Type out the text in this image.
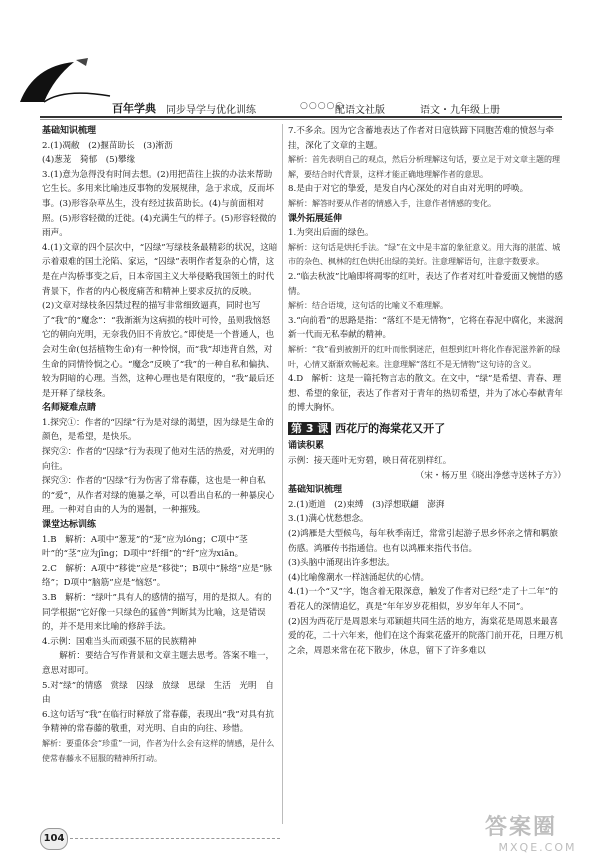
百年学典 同步导学与优化训练	○○○○○
配语文社版	语文・九年级上册

基础知识梳理

2.(1)凋敝　(2)揠苗助长　(3)淅沥

(4)葱茏　猗郁　(5)攀缘

3.(1)意为急得没有时间去想。(2)用把苗往上拔的办法来帮助它生长。多用来比喻违反事物的发展规律，急于求成，反而坏事。(3)形容杂草丛生，没有经过拔苗助长。(4)与前面相对照。(5)形容轻微的迁徙。(4)充满生气的样子。(5)形容轻微的雨声。

4.(1)文章的四个层次中，“囚绿”写绿枝条最精彩的状况，这暗示着艰难的国土沦陷、家运，“囚绿”表明作者复杂的心情，这是在卢沟桥事变之后，日本帝国主义大举侵略我国领土的时代背景下，作者的内心极度痛苦和精神上要求反抗的反映。

(2)文章对绿枝条囚禁过程的描写非常细致逼真，同时也写了“我”的“魔念”：“我渐渐为这病损的枝叶可怜，虽则我恼怒它的朝向光明，无奈我仍旧不肯放它。”即使是一个普通人，也会对生命(包括植物生命)有一种怜悯，而“我”却违背自然，对生命的同情怜悯之心。“魔念”反映了“我”的一种自私和偏执、较为阴暗的心理。当然，这种心理也是有限度的，“我”最后还是开释了绿枝条。

名师疑难点睛

1.探究①：作者的“囚绿”行为是对绿的渴望，因为绿是生命的颜色，是希望，是快乐。

探究②：作者的“囚绿”行为表现了他对生活的热爱，对光明的向往。

探究③：作者的“囚绿”行为伤害了常春藤，这也是一种自私的“爱”，从作者对绿的施暴之举，可以看出自私的一种暴戾心理。一种对自由的人为的遏制，一种摧残。

课堂达标训练

1.B　解析：A项中“葱茏”的“茏”应为lóng；C项中“茎叶”的“茎”应为jīng；D项中“纤细”的“纤”应为xiān。

2.C　解析：A项中“移徙”应是“移徙”；B项中“脉络”应是“脉络”；D项中“脑筋”应是“恼怒”。

3.B　解析：“绿叶”具有人的感情的描写，用的是拟人。有的同学根据“它好像一只绿色的猛兽”判断其为比喻，这是错误的，并不是用来比喻的修辞手法。

4.示例：国难当头而顽强不屈的民族精神

　　解析：要结合写作背景和文章主题去思考。答案不唯一，意思对即可。

5.对“绿”的情感　赏绿　囚绿　放绿　思绿　生活　光明　自由

6.这句话写“我”在临行时释放了常春藤，表现出“我”对具有抗争精神的常春藤的敬重，对光明、自由的向往、珍惜。

解析：要重体会“珍重”一词，作者为什么会有这样的情感，是什么使常春藤永不屈服的精神所打动。

7.不多余。因为它含蓄地表达了作者对日寇铁蹄下同胞苦难的愤怒与牵挂，深化了文章的主题。

解析：首先表明自己的观点，然后分析理解这句话，要立足于对文章主题的理解，要结合时代背景，这样才能正确地理解作者的意思。

8.是由于对它的挚爱，是发自内心深处的对自由对光明的呼唤。

解析：解答时要从作者的情感入手，注意作者情感的变化。

课外拓展延伸

1.为突出后面的绿色。

解析：这句话是烘托手法。“绿”在文中是丰富的象征意义。用大海的湛蓝、城市的杂色、枫林的红色烘托出绿的美好。注意理解语句，注意字数要求。

2.“临去秋波”比喻即将凋零的红叶，表达了作者对红叶眷爱面又惋惜的感情。

解析：结合语境，这句话的比喻义不难理解。

3.“向前看”的思路是指：“落红不是无情物”，它将在春泥中腐化，来滋润新一代而无私奉献的精神。

解析：“我”看到被割开的红叶而怅惘迷茫，但想到红叶将化作春泥滋养新的绿叶，心情又渐渐欢畅起来。注意理解“落红不是无情物”这句诗的含义。

4.D　解析：这是一篇托物言志的散文。在文中，“绿”是希望、青春、理想、希望的象征，表达了作者对于青年的热切希望，并为了冰心奉献青年的博大胸怀。

第 3 课 西花厅的海棠花又开了

诵读积累

示例：接天莲叶无穷碧，映日荷花别样红。

（宋・杨万里《晓出净慈寺送林子方》）

基础知识梳理

2.(1)逝道　(2)束缚　(3)浮想联翩　澎湃

3.(1)满心忧愁想念。

(2)鸿雁是大型候鸟，每年秋季南迁，常常引起游子思乡怀亲之情和羁旅伤感。鸿雁传书指通信。也有以鸿雁来指代书信。

(3)头脑中涌现出许多想法。

(4)比喻像潮水一样汹涌起伏的心情。

4.(1)一个“又”字，饱含着无限深意，触发了作者对已经“走了十二年”的看花人的深情追忆，真是“年年岁岁花相似，岁岁年年人不同”。

(2)因为西花厅是周恩来与邓颖超共同生活的地方，海棠花是周恩来最喜爱的花，二十六年来，他们在这个海棠花盛开的院落门前开花，日理万机之余，周恩来常在花下散步，休息，留下了许多难以

104	答案圈
MXQE.COM
